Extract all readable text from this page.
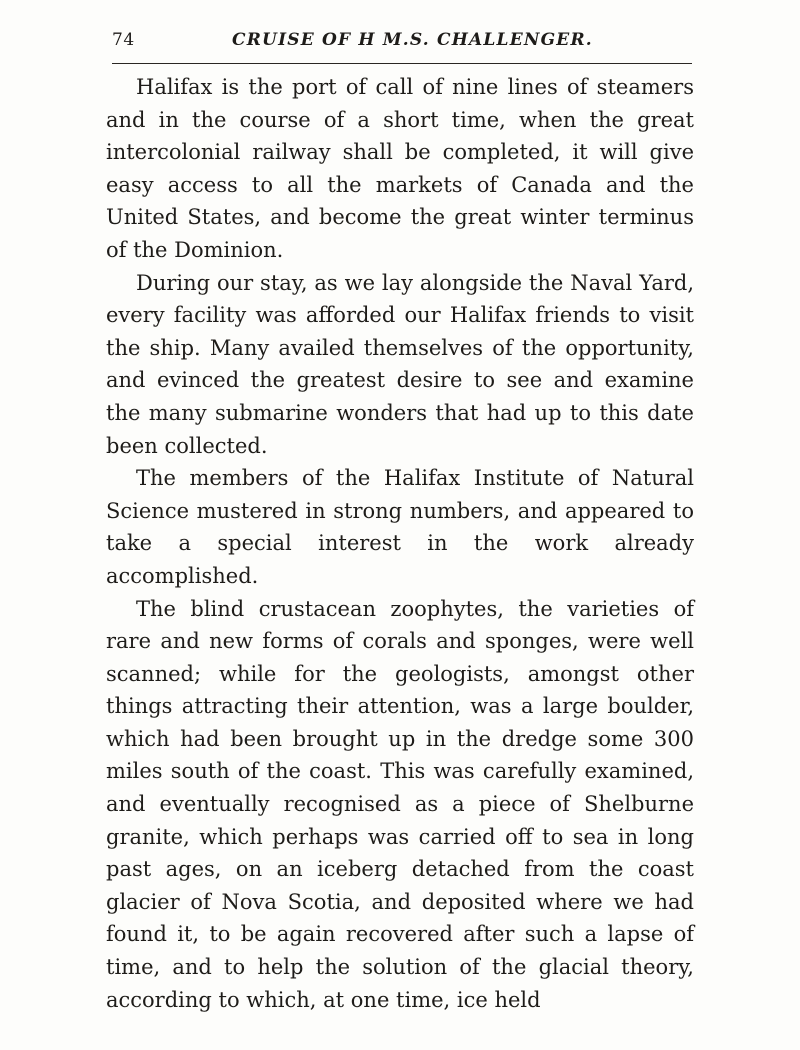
74	CRUISE OF H M.S. CHALLENGER.

Halifax is the port of call of nine lines of steamers and in the course of a short time, when the great intercolonial railway shall be completed, it will give easy access to all the markets of Canada and the United States, and become the great winter terminus of the Dominion.

During our stay, as we lay alongside the Naval Yard, every facility was afforded our Halifax friends to visit the ship. Many availed themselves of the opportunity, and evinced the greatest desire to see and examine the many submarine wonders that had up to this date been collected.

The members of the Halifax Institute of Natural Science mustered in strong numbers, and appeared to take a special interest in the work already accomplished.

The blind crustacean zoophytes, the varieties of rare and new forms of corals and sponges, were well scanned; while for the geologists, amongst other things attracting their attention, was a large boulder, which had been brought up in the dredge some 300 miles south of the coast. This was carefully examined, and eventually recognised as a piece of Shelburne granite, which perhaps was carried off to sea in long past ages, on an iceberg detached from the coast glacier of Nova Scotia, and deposited where we had found it, to be again recovered after such a lapse of time, and to help the solution of the glacial theory, according to which, at one time, ice held
